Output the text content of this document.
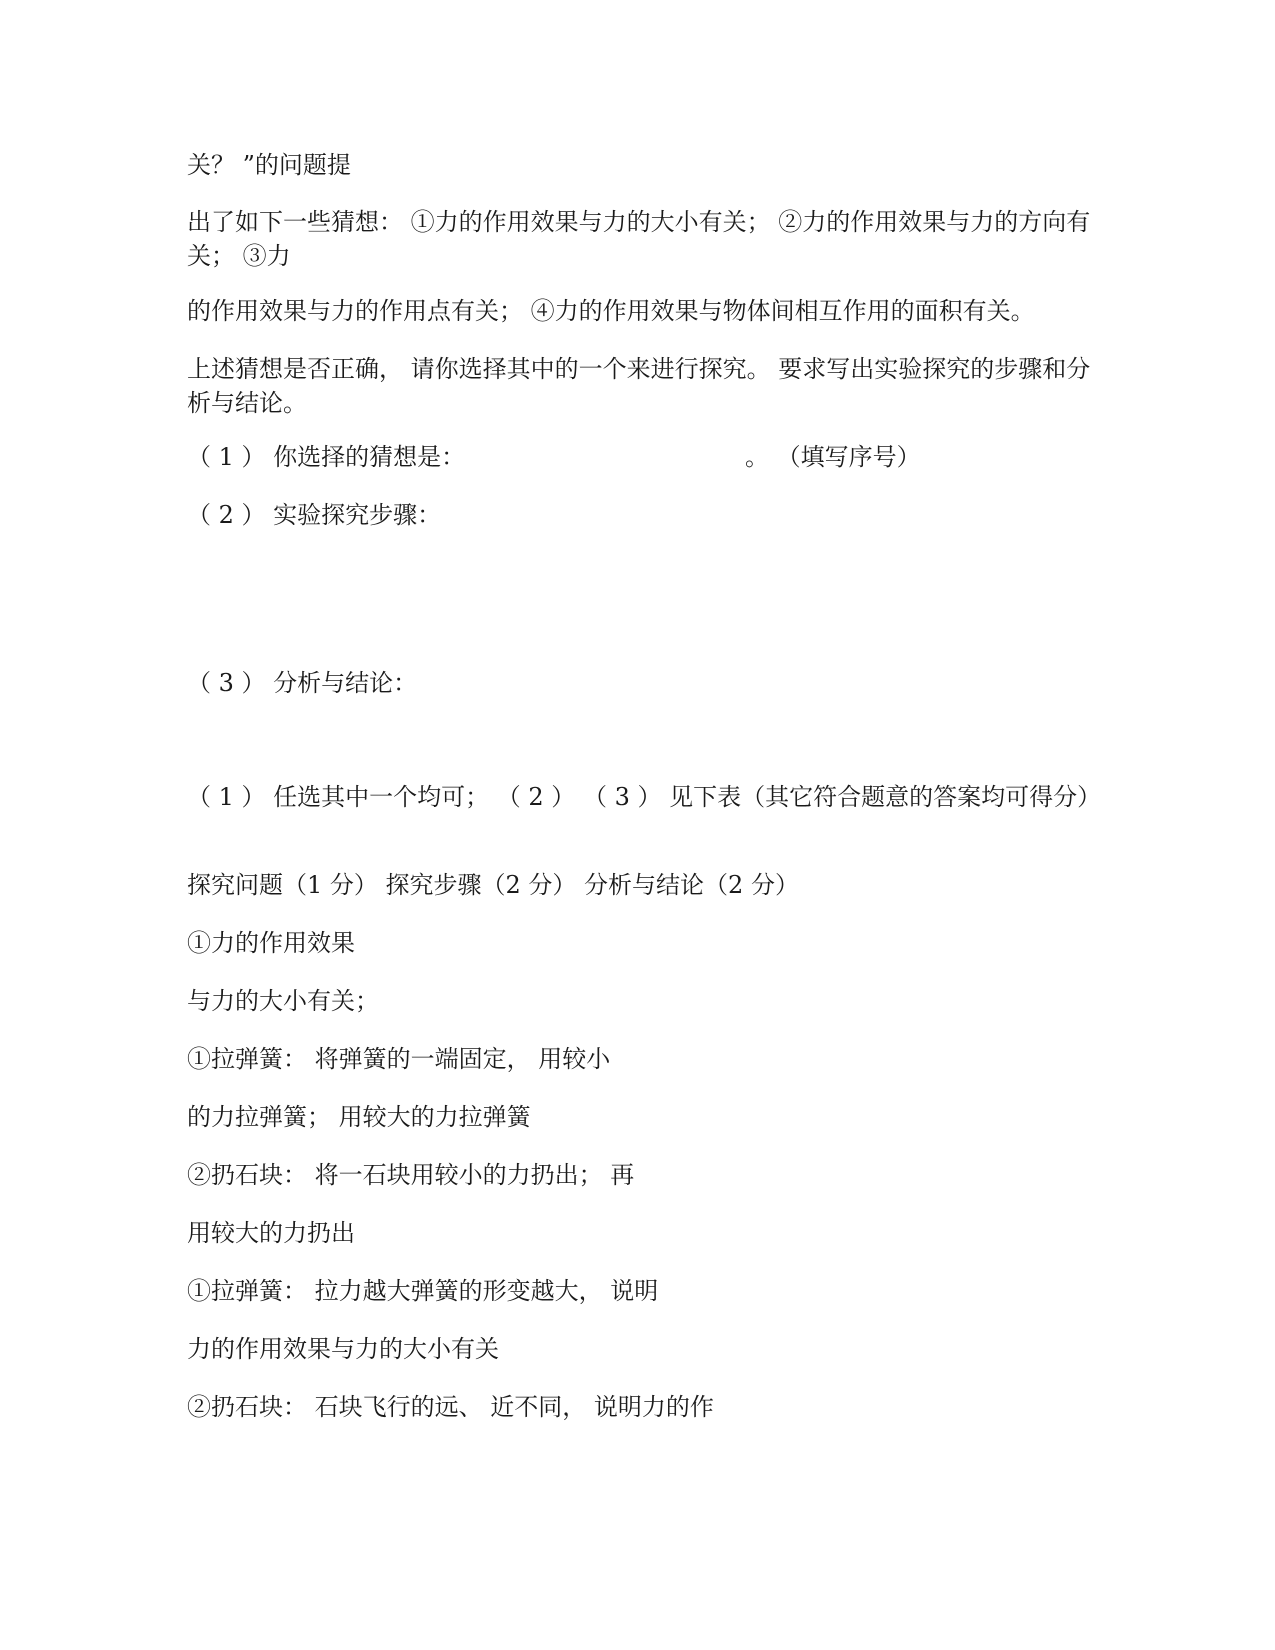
关？ ”的问题提
出了如下一些猜想： ①力的作用效果与力的大小有关； ②力的作用效果与力的方向有关； ③力
的作用效果与力的作用点有关； ④力的作用效果与物体间相互作用的面积有关。
上述猜想是否正确， 请你选择其中的一个来进行探究。 要求写出实验探究的步骤和分析与结论。
（ 1 ） 你选择的猜想是：	。 （填写序号）
（ 2 ） 实验探究步骤：
（ 3 ） 分析与结论：
（ 1 ） 任选其中一个均可； （ 2 ） （ 3 ） 见下表（其它符合题意的答案均可得分）
探究问题（1 分） 探究步骤（2 分） 分析与结论（2 分）
①力的作用效果
与力的大小有关；
①拉弹簧： 将弹簧的一端固定， 用较小
的力拉弹簧； 用较大的力拉弹簧
②扔石块： 将一石块用较小的力扔出； 再
用较大的力扔出
①拉弹簧： 拉力越大弹簧的形变越大， 说明
力的作用效果与力的大小有关
②扔石块： 石块飞行的远、 近不同， 说明力的作
